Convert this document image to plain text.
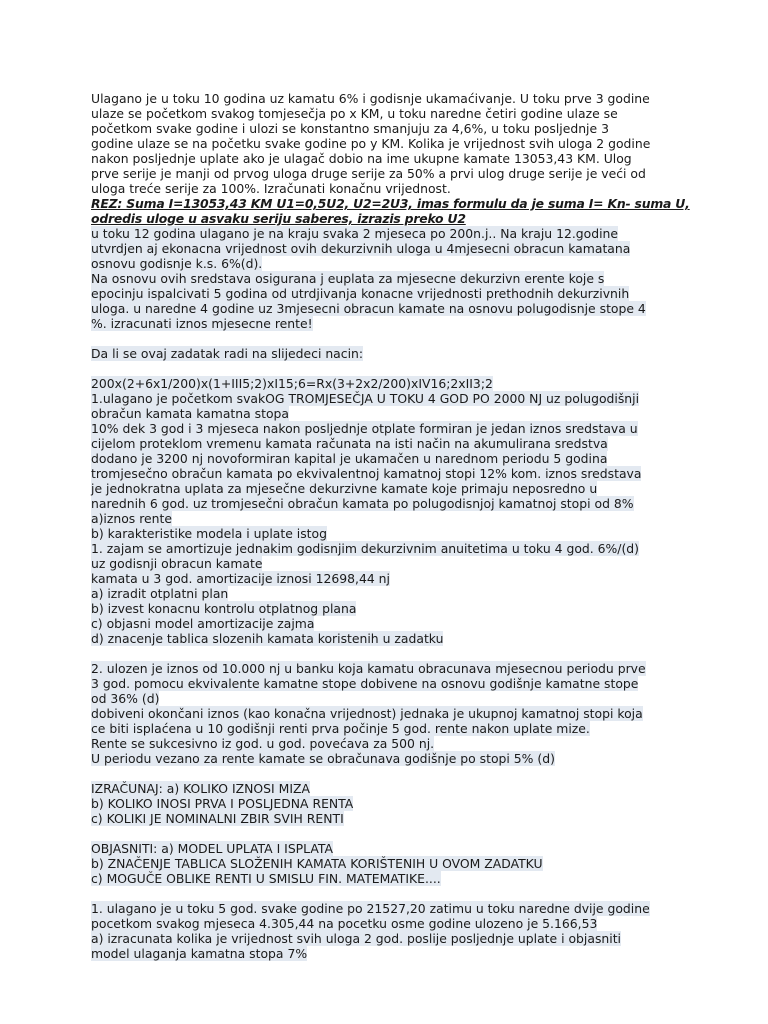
Ulagano je u toku 10 godina uz kamatu 6% i godisnje ukamaćivanje. U toku prve 3 godine
ulaze se početkom svakog tomjesečja po x KM, u toku naredne četiri godine ulaze se
početkom svake godine i ulozi se konstantno smanjuju za 4,6%, u toku posljednje 3
godine ulaze se na početku svake godine po y KM. Kolika je vrijednost svih uloga 2 godine
nakon posljednje uplate ako je ulagač dobio na ime ukupne kamate 13053,43 KM. Ulog
prve serije je manji od prvog uloga druge serije za 50% a prvi ulog druge serije je veći od
uloga treće serije za 100%. Izračunati konačnu vrijednost.
REZ: Suma I=13053,43 KM U1=0,5U2, U2=2U3, imas formulu da je suma I= Kn- suma U,
odredis uloge u asvaku seriju saberes, izrazis preko U2
u toku 12 godina ulagano je na kraju svaka 2 mjeseca po 200n.j.. Na kraju 12.godine
utvrdjen aj ekonacna vrijednost ovih dekurzivnih uloga u 4mjesecni obracun kamatana
osnovu godisnje k.s. 6%(d).
Na osnovu ovih sredstava osigurana j euplata za mjesecne dekurzivn erente koje s
epocinju ispalcivati 5 godina od utrdjivanja konacne vrijednosti prethodnih dekurzivnih
uloga. u naredne 4 godine uz 3mjesecni obracun kamate na osnovu polugodisnje stope 4
%. izracunati iznos mjesecne rente!
Da li se ovaj zadatak radi na slijedeci nacin:
200x(2+6x1/200)x(1+III5;2)xI15;6=Rx(3+2x2/200)xIV16;2xII3;2
1.ulagano je početkom svakOG TROMJESEČJA U TOKU 4 GOD PO 2000 NJ uz polugodišnji
obračun kamata kamatna stopa
10% dek 3 god i 3 mjeseca nakon posljednje otplate formiran je jedan iznos sredstava u
cijelom proteklom vremenu kamata računata na isti način na akumulirana sredstva
dodano je 3200 nj novoformiran kapital je ukamačen u narednom periodu 5 godina
tromjesečno obračun kamata po ekvivalentnoj kamatnoj stopi 12% kom. iznos sredstava
je jednokratna uplata za mjesečne dekurzivne kamate koje primaju neposredno u
narednih 6 god. uz tromjesečni obračun kamata po polugodisnjoj kamatnoj stopi od 8%
a)iznos rente
b) karakteristike modela i uplate istog
1. zajam se amortizuje jednakim godisnjim dekurzivnim anuitetima u toku 4 god. 6%/(d)
uz godisnji obracun kamate
kamata u 3 god. amortizacije iznosi 12698,44 nj
a) izradit otplatni plan
b) izvest konacnu kontrolu otplatnog plana
c) objasni model amortizacije zajma
d) znacenje tablica slozenih kamata koristenih u zadatku
2. ulozen je iznos od 10.000 nj u banku koja kamatu obracunava mjesecnou periodu prve
3 god. pomocu ekvivalente kamatne stope dobivene na osnovu godišnje kamatne stope
od 36% (d)
dobiveni okončani iznos (kao konačna vrijednost) jednaka je ukupnoj kamatnoj stopi koja
ce biti isplaćena u 10 godišnji renti prva počinje 5 god. rente nakon uplate mize.
Rente se sukcesivno iz god. u god. povećava za 500 nj.
U periodu vezano za rente kamate se obračunava godišnje po stopi 5% (d)
IZRAČUNAJ: a) KOLIKO IZNOSI MIZA
b) KOLIKO INOSI PRVA I POSLJEDNA RENTA
c) KOLIKI JE NOMINALNI ZBIR SVIH RENTI
OBJASNITI: a) MODEL UPLATA I ISPLATA
b) ZNAČENJE TABLICA SLOŽENIH KAMATA KORIŠTENIH U OVOM ZADATKU
c) MOGUČE OBLIKE RENTI U SMISLU FIN. MATEMATIKE....
1. ulagano je u toku 5 god. svake godine po 21527,20 zatimu u toku naredne dvije godine
pocetkom svakog mjeseca 4.305,44 na pocetku osme godine ulozeno je 5.166,53
a) izracunata kolika je vrijednost svih uloga 2 god. poslije posljednje uplate i objasniti
model ulaganja kamatna stopa 7%
